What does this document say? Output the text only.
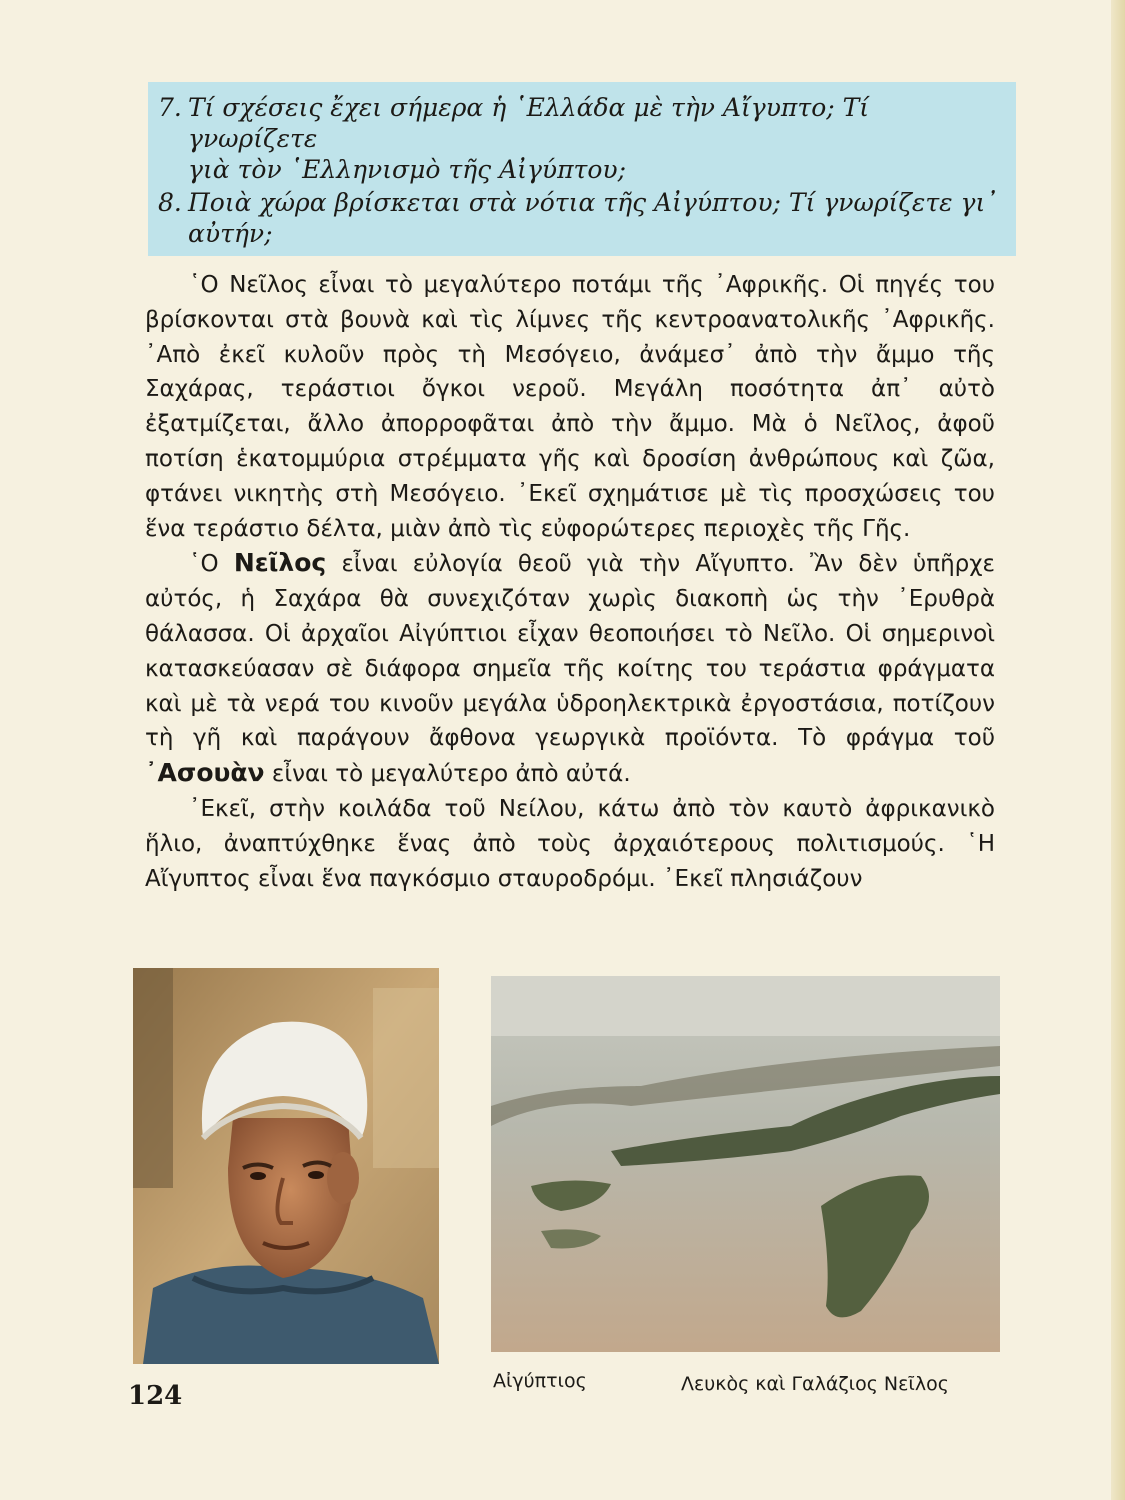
7. Τί σχέσεις ἔχει σήμερα ἡ ῾Ελλάδα μὲ τὴν Αἴγυπτο; Τί γνωρίζετε
γιὰ τὸν ῾Ελληνισμὸ τῆς Αἰγύπτου;
8. Ποιὰ χώρα βρίσκεται στὰ νότια τῆς Αἰγύπτου; Τί γνωρίζετε γι᾽
αὐτήν;

῾Ο Νεῖλος εἶναι τὸ μεγαλύτερο ποτάμι τῆς ᾽Αφρικῆς. Οἱ πηγές του βρίσκονται στὰ βουνὰ καὶ τὶς λίμνες τῆς κεντροανατολικῆς ᾽Αφρικῆς. ᾽Απὸ ἐκεῖ κυλοῦν πρὸς τὴ Μεσόγειο, ἀνάμεσ᾽ ἀπὸ τὴν ἄμμο τῆς Σαχάρας, τεράστιοι ὄγκοι νεροῦ. Μεγάλη ποσότητα ἀπ᾽ αὐτὸ ἐξατμίζεται, ἄλλο ἀπορροφᾶται ἀπὸ τὴν ἄμμο. Μὰ ὁ Νεῖλος, ἀφοῦ ποτίση ἑκατομμύρια στρέμματα γῆς καὶ δροσίση ἀνθρώπους καὶ ζῶα, φτάνει νικητὴς στὴ Μεσόγειο. ᾽Εκεῖ σχημάτισε μὲ τὶς προσχώσεις του ἕνα τεράστιο δέλτα, μιὰν ἀπὸ τὶς εὐφορώτερες περιοχὲς τῆς Γῆς.

῾Ο Νεῖλος εἶναι εὐλογία θεοῦ γιὰ τὴν Αἴγυπτο. Ἂν δὲν ὑπῆρχε αὐτός, ἡ Σαχάρα θὰ συνεχιζόταν χωρὶς διακοπὴ ὡς τὴν ᾽Ερυθρὰ θάλασσα. Οἱ ἀρχαῖοι Αἰγύπτιοι εἶχαν θεοποιήσει τὸ Νεῖλο. Οἱ σημερινοὶ κατασκεύασαν σὲ διάφορα σημεῖα τῆς κοίτης του τεράστια φράγματα καὶ μὲ τὰ νερά του κινοῦν μεγάλα ὑδροηλεκτρικὰ ἐργοστάσια, ποτίζουν τὴ γῆ καὶ παράγουν ἄφθονα γεωργικὰ προϊόντα. Τὸ φράγμα τοῦ ᾽Ασουὰν εἶναι τὸ μεγαλύτερο ἀπὸ αὐτά.

᾽Εκεῖ, στὴν κοιλάδα τοῦ Νείλου, κάτω ἀπὸ τὸν καυτὸ ἀφρικανικὸ ἥλιο, ἀναπτύχθηκε ἕνας ἀπὸ τοὺς ἀρχαιότερους πολιτισμούς. ῾Η Αἴγυπτος εἶναι ἕνα παγκόσμιο σταυροδρόμι. ᾽Εκεῖ πλησιάζουν

Αἰγύπτιος	Λευκὸς καὶ Γαλάζιος Νεῖλος
124
